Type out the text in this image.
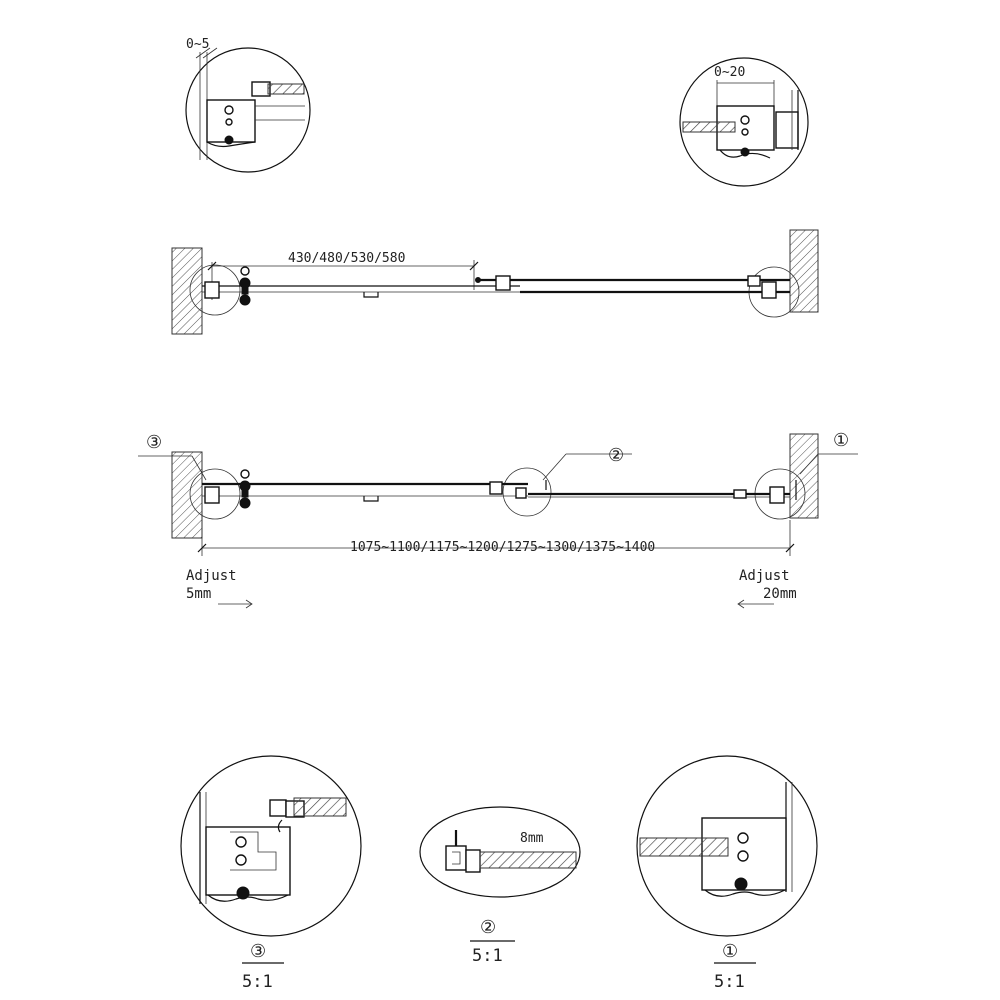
0~5
0~20
430/480/530/580
③
②
①
1075~1100/1175~1200/1275~1300/1375~1400
Adjust
5mm
Adjust
20mm
③
5:1
8mm
②
5:1	①
5:1
